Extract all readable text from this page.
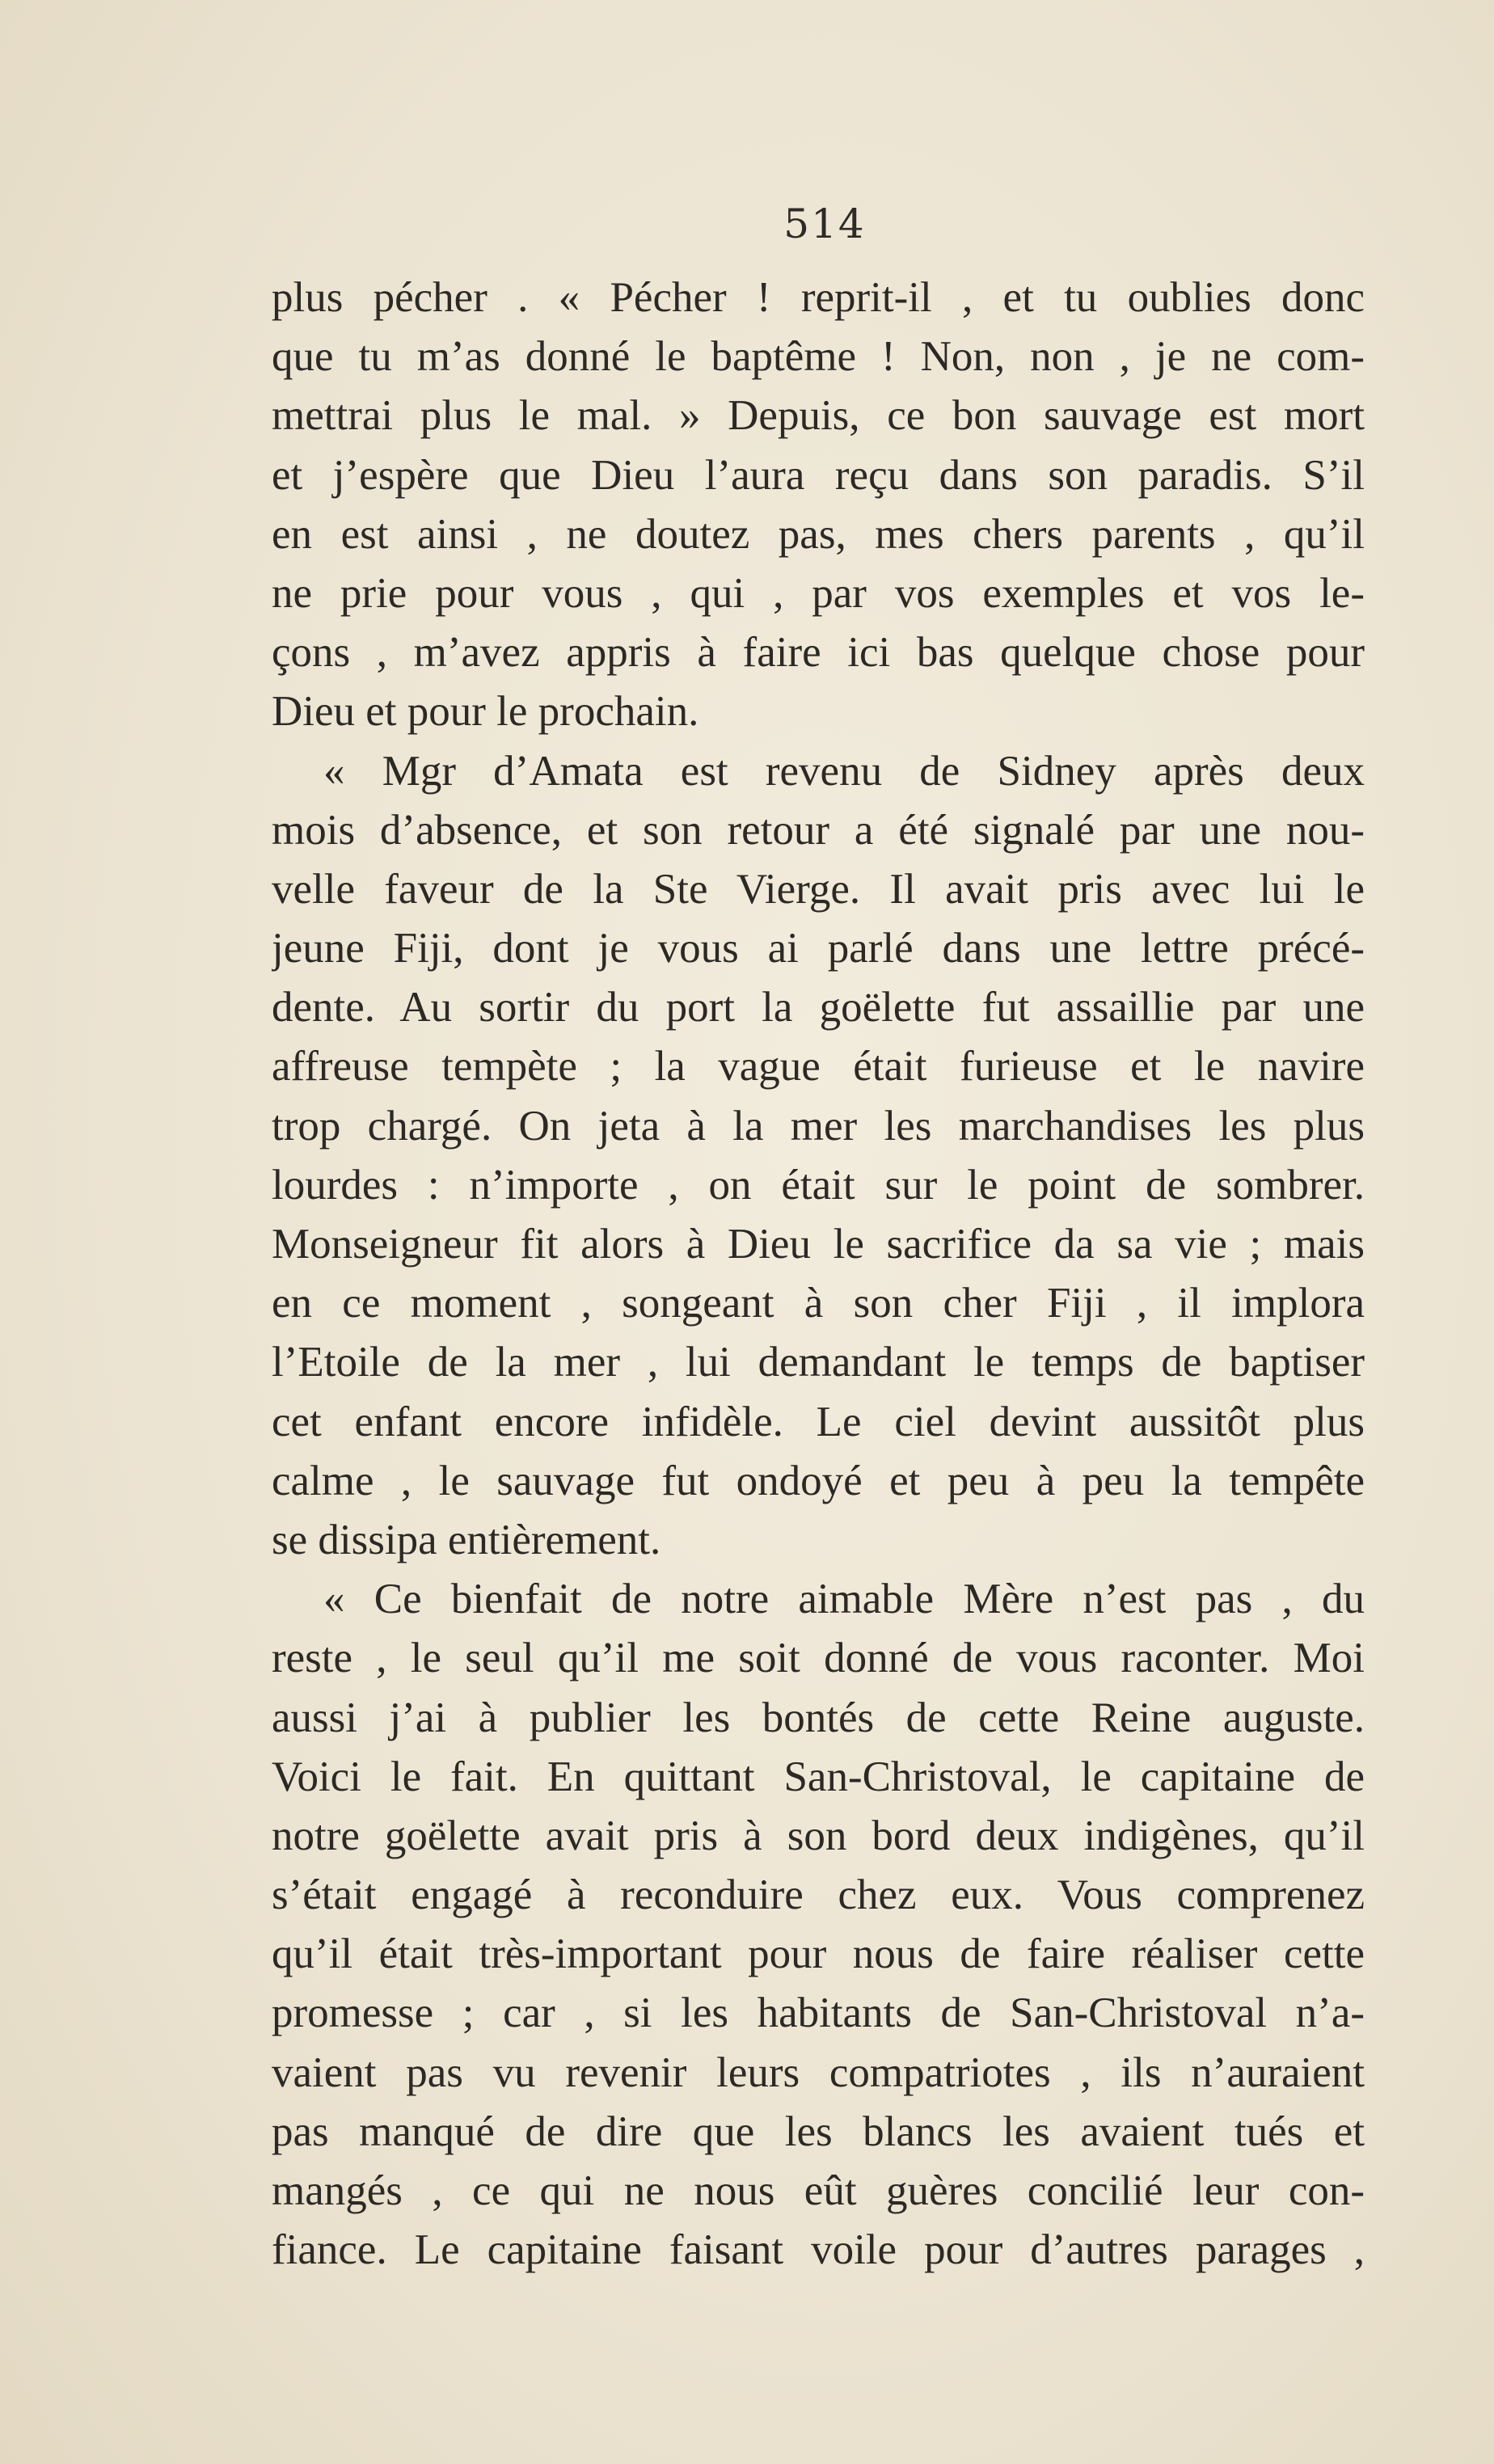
514
plus pécher . « Pécher ! reprit-il , et tu oublies donc
que tu m’as donné le baptême ! Non, non , je ne com-
mettrai plus le mal. » Depuis, ce bon sauvage est mort
et j’espère que Dieu l’aura reçu dans son paradis. S’il
en est ainsi , ne doutez pas, mes chers parents , qu’il
ne prie pour vous , qui , par vos exemples et vos le-
çons , m’avez appris à faire ici bas quelque chose pour
Dieu et pour le prochain.
« Mgr d’Amata est revenu de Sidney après deux
mois d’absence, et son retour a été signalé par une nou-
velle faveur de la Ste Vierge. Il avait pris avec lui le
jeune Fiji, dont je vous ai parlé dans une lettre précé-
dente. Au sortir du port la goëlette fut assaillie par une
affreuse tempète ; la vague était furieuse et le navire
trop chargé. On jeta à la mer les marchandises les plus
lourdes : n’importe , on était sur le point de sombrer.
Monseigneur fit alors à Dieu le sacrifice da sa vie ; mais
en ce moment , songeant à son cher Fiji , il implora
l’Etoile de la mer , lui demandant le temps de baptiser
cet enfant encore infidèle. Le ciel devint aussitôt plus
calme , le sauvage fut ondoyé et peu à peu la tempête
se dissipa entièrement.
« Ce bienfait de notre aimable Mère n’est pas , du
reste , le seul qu’il me soit donné de vous raconter. Moi
aussi j’ai à publier les bontés de cette Reine auguste.
Voici le fait. En quittant San-Christoval, le capitaine de
notre goëlette avait pris à son bord deux indigènes, qu’il
s’était engagé à reconduire chez eux. Vous comprenez
qu’il était très-important pour nous de faire réaliser cette
promesse ; car , si les habitants de San-Christoval n’a-
vaient pas vu revenir leurs compatriotes , ils n’auraient
pas manqué de dire que les blancs les avaient tués et
mangés , ce qui ne nous eût guères concilié leur con-
fiance. Le capitaine faisant voile pour d’autres parages ,
